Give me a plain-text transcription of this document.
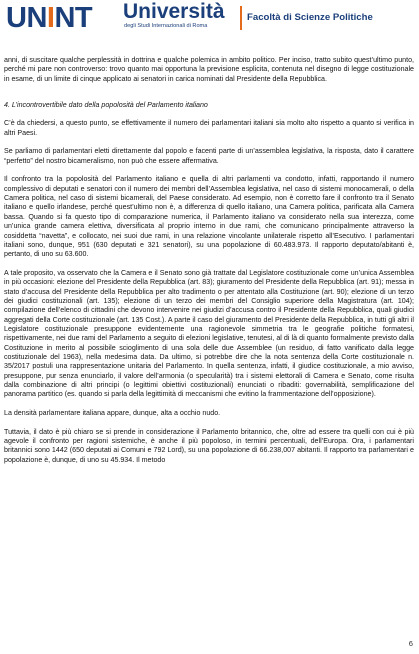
UNINT Università
degli Studi Internazionali di Roma
Facoltà di Scienze Politiche

anni, di suscitare qualche perplessità in dottrina e qualche polemica in ambito politico. Per inciso, tratto subito quest’ultimo punto, perché mi pare non controverso: trovo quanto mai opportuna la previsione esplicita, contenuta nel disegno di legge costituzionale in esame, di un limite di cinque applicato ai senatori in carica nominati dal Presidente della Repubblica.

4. L’incontrovertibile dato della popolosità del Parlamento italiano

C’è da chiedersi, a questo punto, se effettivamente il numero dei parlamentari italiani sia molto alto rispetto a quanto si verifica in altri Paesi.

Se parliamo di parlamentari eletti direttamente dal popolo e facenti parte di un’assemblea legislativa, la risposta, dato il carattere “perfetto” del nostro bicameralismo, non può che essere affermativa.

Il confronto tra la popolosità del Parlamento italiano e quella di altri parlamenti va condotto, infatti, rapportando il numero complessivo di deputati e senatori con il numero dei membri dell’Assemblea legislativa, nel caso di sistemi monocamerali, o della Camera politica, nel caso di sistemi bicamerali, del Paese considerato. Ad esempio, non è corretto fare il confronto tra il Senato italiano e quello irlandese, perché quest’ultimo non è, a differenza di quello italiano, una Camera politica, parificata alla Camera bassa. Quando si fa questo tipo di comparazione numerica, il Parlamento italiano va considerato nella sua interezza, come un’unica grande camera elettiva, diversificata al proprio interno in due rami, che comunicano principalmente attraverso la cosiddetta “navetta”, e collocato, nei suoi due rami, in una relazione vincolante unilaterale rispetto all’Esecutivo. I parlamentari italiani sono, dunque, 951 (630 deputati e 321 senatori), su una popolazione di 60.483.973. Il rapporto deputato/abitanti è, pertanto, di uno su 63.600.

A tale proposito, va osservato che la Camera e il Senato sono già trattate dal Legislatore costituzionale come un’unica Assemblea in più occasioni: elezione del Presidente della Repubblica (art. 83); giuramento del Presidente della Repubblica (art. 91); messa in stato d’accusa del Presidente della Repubblica per alto tradimento o per attentato alla Costituzione (art. 90); elezione di un terzo dei giudici costituzionali (art. 135); elezione di un terzo dei membri del Consiglio superiore della Magistratura (art. 104); compilazione dell’elenco di cittadini che devono intervenire nei giudizi d’accusa contro il Presidente della Repubblica, quali giudici aggregati della Corte costituzionale (art. 135 Cost.). A parte il caso del giuramento del Presidente della Repubblica, in tutti gli altri il Legislatore costituzionale presuppone evidentemente una ragionevole simmetria tra le geografie politiche formatesi, rispettivamente, nei due rami del Parlamento a seguito di elezioni legislative, tenutesi, al di là di quanto formalmente previsto dalla Costituzione in merito al possibile scioglimento di una sola delle due Assemblee (un residuo, di fatto vanificato dalla legge costituzionale del 1963), nella medesima data. Da ultimo, si potrebbe dire che la nota sentenza della Corte costituzionale n. 35/2017 postuli una rappresentazione unitaria del Parlamento. In quella sentenza, infatti, il giudice costituzionale, a mio avviso, presuppone, pur senza enunciarlo, il valore dell’armonia (o specularità) tra i sistemi elettorali di Camera e Senato, come risulta dalla combinazione di altri principi (o legittimi obiettivi costituzionali) enunciati o ribaditi: governabilità, semplificazione del panorama partitico (es. quando si parla della legittimità di meccanismi che evitino la frammentazione dell’opposizione).

La densità parlamentare italiana appare, dunque, alta a occhio nudo.

Tuttavia, il dato è più chiaro se si prende in considerazione il Parlamento britannico, che, oltre ad essere tra quelli con cui è più agevole il confronto per ragioni sistemiche, è anche il più popoloso, in termini percentuali, dell’Europa. Ora, i parlamentari britannici sono 1442 (650 deputati ai Comuni e 792 Lord), su una popolazione di 66.238,007 abitanti. Il rapporto tra parlamentari e popolazione è, dunque, di uno su 45.934. Il metodo

6
